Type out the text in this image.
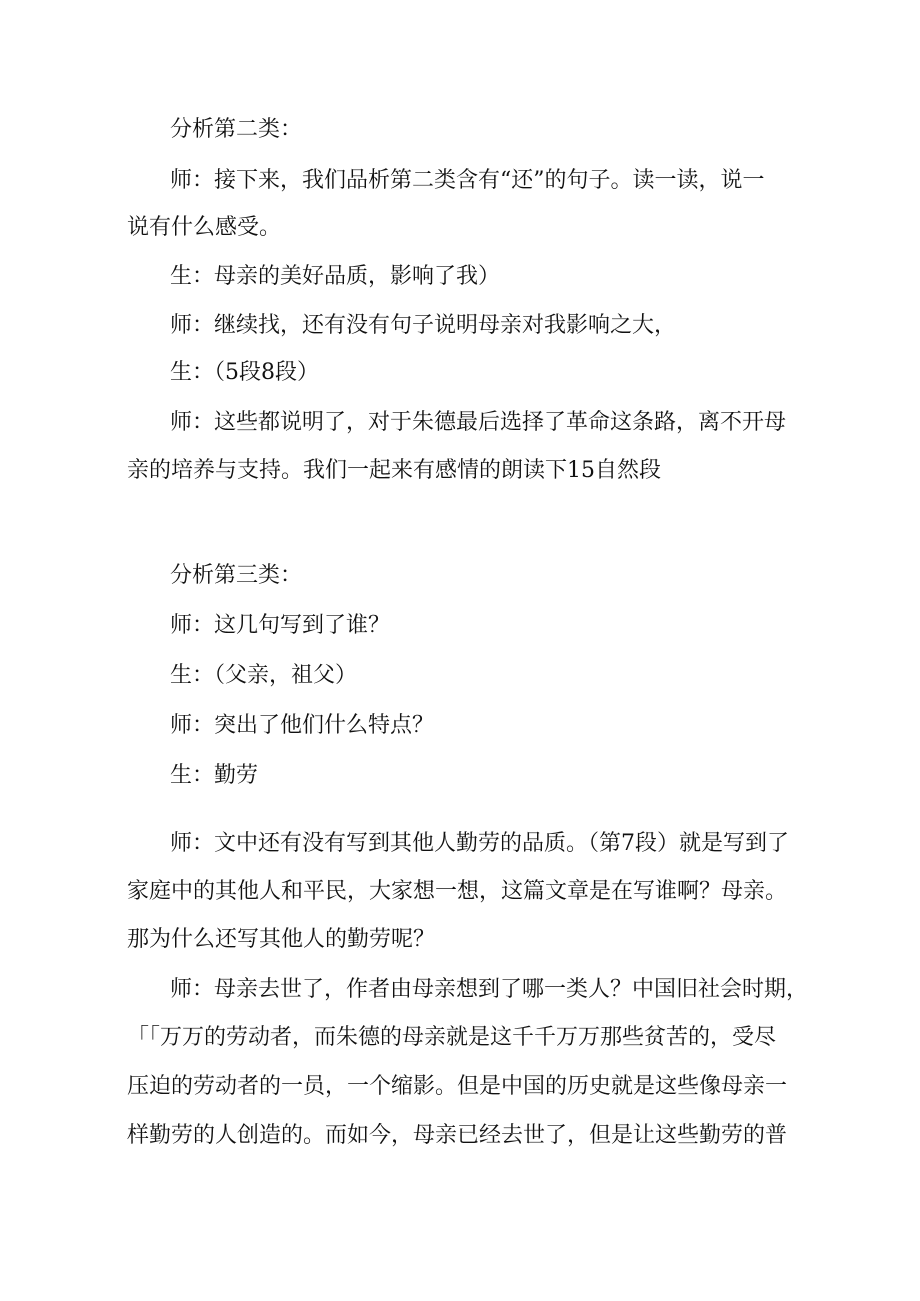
分析第二类：
师：接下来，我们品析第二类含有“还”的句子。读一读，说一
说有什么感受。
生：母亲的美好品质，影响了我）
师：继续找，还有没有句子说明母亲对我影响之大，
生：（5段8段）
师：这些都说明了，对于朱德最后选择了革命这条路，离不开母
亲的培养与支持。我们一起来有感情的朗读下15自然段
分析第三类：
师：这几句写到了谁？
生：（父亲，祖父）
师：突出了他们什么特点？
生：勤劳
师：文中还有没有写到其他人勤劳的品质。（第7段）就是写到了
家庭中的其他人和平民，大家想一想，这篇文章是在写谁啊？母亲。
那为什么还写其他人的勤劳呢？
师：母亲去世了，作者由母亲想到了哪一类人？中国旧社会时期，
「「万万的劳动者，而朱德的母亲就是这千千万万那些贫苦的，受尽
压迫的劳动者的一员，一个缩影。但是中国的历史就是这些像母亲一
样勤劳的人创造的。而如今，母亲已经去世了，但是让这些勤劳的普
